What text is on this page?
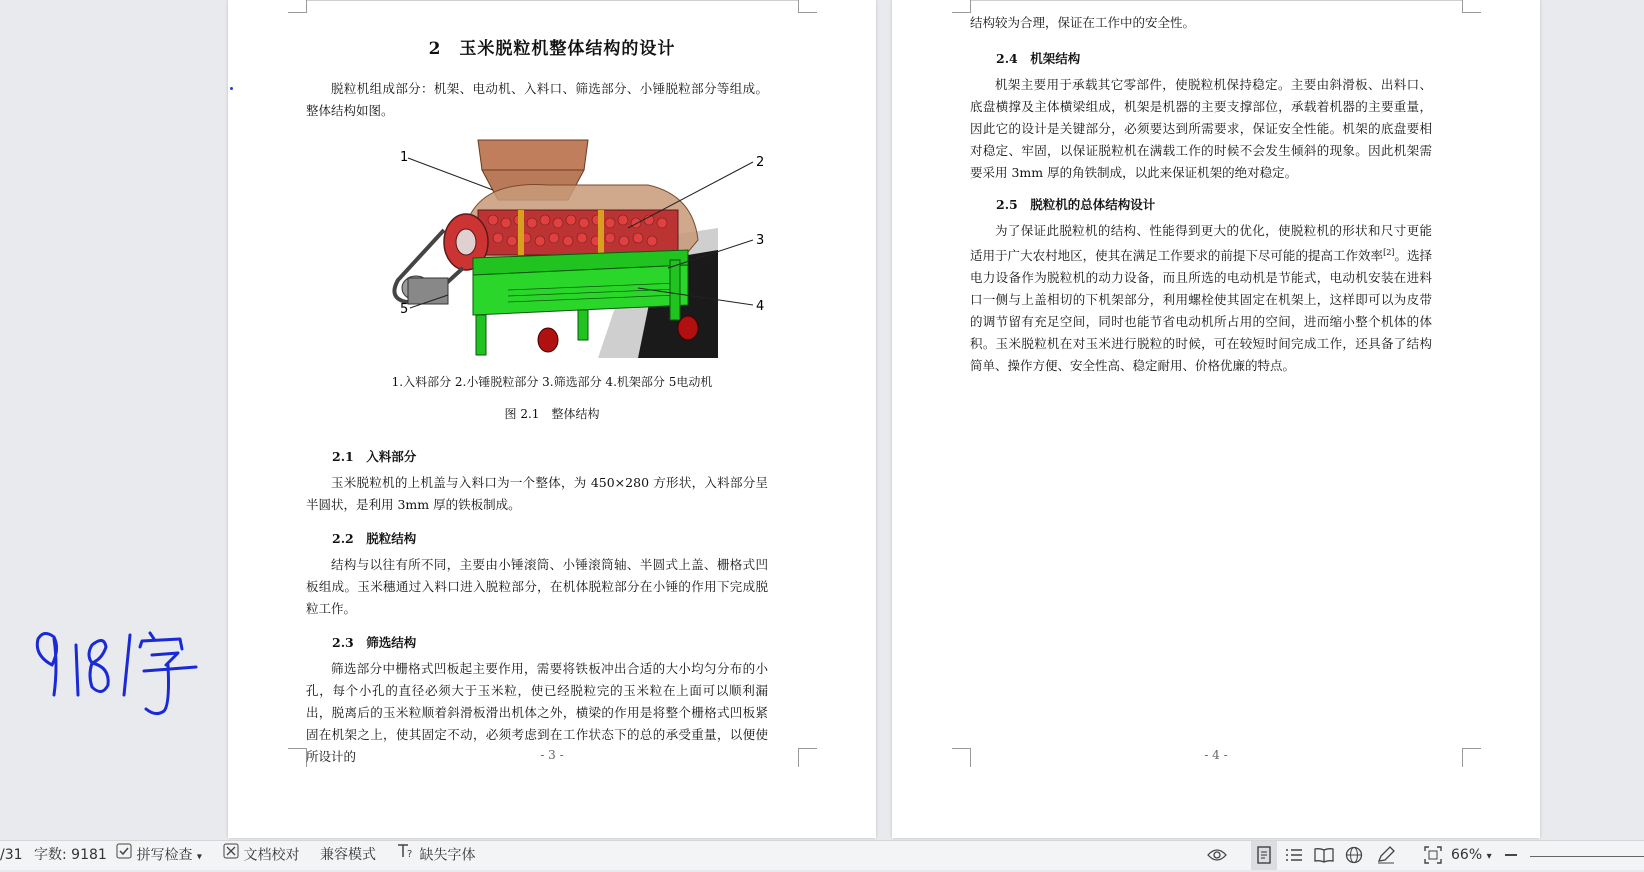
2　玉米脱粒机整体结构的设计

脱粒机组成部分：机架、电动机、入料口、筛选部分、小锤脱粒部分等组成。整体结构如图。

1	2
3
4
5
1.入料部分 2.小锤脱粒部分 3.筛选部分 4.机架部分 5电动机
图 2.1　整体结构
2.1　入料部分

玉米脱粒机的上机盖与入料口为一个整体，为 450×280 方形状，入料部分呈半圆状，是利用 3mm 厚的铁板制成。

2.2　脱粒结构

结构与以往有所不同，主要由小锤滚筒、小锤滚筒轴、半圆式上盖、栅格式凹板组成。玉米穗通过入料口进入脱粒部分，在机体脱粒部分在小锤的作用下完成脱粒工作。

2.3　筛选结构

筛选部分中栅格式凹板起主要作用，需要将铁板冲出合适的大小均匀分布的小孔，每个小孔的直径必须大于玉米粒，使已经脱粒完的玉米粒在上面可以顺利漏出，脱离后的玉米粒顺着斜滑板滑出机体之外，横梁的作用是将整个栅格式凹板紧固在机架之上，使其固定不动，必须考虑到在工作状态下的总的承受重量，以便使所设计的	- 3 -
结构较为合理，保证在工作中的安全性。
2.4　机架结构

机架主要用于承载其它零部件，使脱粒机保持稳定。主要由斜滑板、出料口、底盘横撑及主体横梁组成，机架是机器的主要支撑部位，承载着机器的主要重量，因此它的设计是关键部分，必须要达到所需要求，保证安全性能。机架的底盘要相对稳定、牢固，以保证脱粒机在满载工作的时候不会发生倾斜的现象。因此机架需要采用 3mm 厚的角铁制成，以此来保证机架的绝对稳定。

2.5　脱粒机的总体结构设计

为了保证此脱粒机的结构、性能得到更大的优化，使脱粒机的形状和尺寸更能适用于广大农村地区，使其在满足工作要求的前提下尽可能的提高工作效率[2]。选择电力设备作为脱粒机的动力设备，而且所选的电动机是节能式，电动机安装在进料口一侧与上盖相切的下机架部分，利用螺栓使其固定在机架上，这样即可以为皮带的调节留有充足空间，同时也能节省电动机所占用的空间，进而缩小整个机体的体积。玉米脱粒机在对玉米进行脱粒的时候，可在较短时间完成工作，还具备了结构简单、操作方便、安全性高、稳定耐用、价格优廉的特点。

- 4 -
/31 字数: 9181	拼写检查 ▾	文档校对 兼容模式	? 缺失字体	66% ▾
